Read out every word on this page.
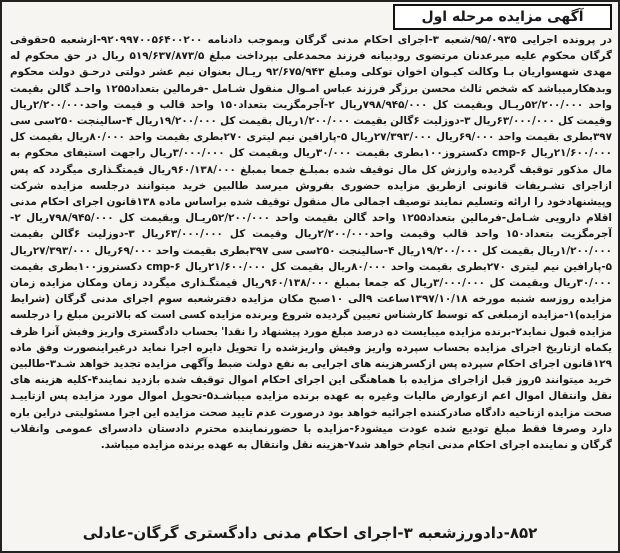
آگهی مزایده مرحله اول
در پرونده اجرایی ۹۵/۰۹۳۵/شعبه ۳-اجرای احکام مدنی گرگان وبموجب دادنامه ۹۲۰۹۹۷۰۰۵۶۴۰۰۲۰۰-ازشعبه ۵حقوقی گرگان محکوم علیه میرعدنان مرتضوی رودبیانه فرزند محمدعلی بپرداخت مبلغ ۵۱۹/۶۳۷/۸۷۳/۵ ریال در حق محکوم له مهدی شهسواریان بـا وکالت کیـوان اخوان توکلی ومبلغ ۹۲/۶۷۵/۹۴۳ ریـال بعنوان نیم عشر دولتی درحـق دولت محکوم وبدهکارمیباشد که شخص ثالث محسن برزگر فرزند عباس امـوال منقول شـامل -فرمالین بتعداد۱۲۵۵ واحـد گالن بقیمت واحد ۵۲/۲۰۰/۰۰۰ریـال وبقیمت کل ۷۹۸/۹۴۵/۰۰۰ریال ۲-آجرمگزیت بتعداد۱۵۰ واحد قالب و قیمت واحد۲/۲۰۰/۰۰۰ریال وقیمت کل ۶۳/۰۰۰/۰۰۰ریال ۳-دوزلیت ۶گالن بقیمت ۱/۲۰۰/۰۰۰ریال بقیمت کل ۱۹/۲۰۰/۰۰۰ریال ۴-سالینجت ۲۵۰سی سی ۳۹۷بطری بقیمت واحد ۶۹/۰۰۰ریال ۲۷/۳۹۳/۰۰۰ریال ۵-پارافین نیم لیتری ۲۷۰بطری بقیمت واحد ۸۰/۰۰۰ریال بقیمت کل ۲۱/۶۰۰/۰۰۰ریال ۶-cmp دکستروز۱۰۰بطری بقیمت ۳۰/۰۰۰ریال وبقیمت کل ۳/۰۰۰/۰۰۰ریال راجهت استیفای محکوم به مال مذکور توقیف گردیده وارزش کل مال توقیف شده بمبلـغ جمعا بمبلغ ۹۶۰/۱۳۸/۰۰۰ریال قیمتگـذاری میگردد که پس ازاجرای تشـریفات قانونی ازطریق مزایده حضوری بفروش میرسد طالبین خرید میتوانند درجلسه مزایده شرکت وپیشنهادخود را ارائه وتسلیم نمایند توصیف اجمالی مال منقول توقیف شده براساس ماده ۱۳۸قانون اجرای احکام مدنی اقلام دارویی شـامل-فرمالین بتعداد۱۲۵۵ واحد گالن بقیمت واحد ۵۲/۲۰۰/۰۰۰ریـال وبقیمت کل ۷۹۸/۹۴۵/۰۰۰ریال ۲-آجرمگزیت بتعداد۱۵۰ واحد قالب وقیمت واحد۲/۲۰۰/۰۰۰ریال وقیمت کل ۶۳/۰۰۰/۰۰۰ریال ۳-دوزلیت ۶گالن بقیمت ۱/۲۰۰/۰۰۰ریال بقیمت کل ۱۹/۲۰۰/۰۰۰ریال ۴-سالینجت ۲۵۰سی سی ۳۹۷بطری بقیمت واحد ۶۹/۰۰۰ریال ۲۷/۳۹۳/۰۰۰ریال ۵-پارافین نیم لیتری ۲۷۰بطری بقیمت واحد ۸۰/۰۰۰ریال بقیمت کل ۲۱/۶۰۰/۰۰۰ریال ۶-cmp دکستروز۱۰۰بطری بقیمت ۳۰/۰۰۰ریال وبقیمت کل ۳/۰۰۰/۰۰۰ریال که جمعا بمبلغ ۹۶۰/۱۳۸/۰۰۰ریال قیمتگـذاری میگردد زمان ومکان مزایده زمان مزایده روزسه شنبه مورخه ۱۳۹۷/۱۰/۱۸ساعت ۹الی ۱۰صبح مکان مزایده دفترشعبه سوم اجرای مدنی گرگان (شرایط مزایده)۱-مزایده ازمبلغی که توسط کارشناس تعیین گردیده شروع وبرنده مزایده کسی است که بالاترین مبلغ را درجلسه مزایده قبول نماید۲-برنده مزایده میبایست ده درصد مبلغ مورد پیشنهاد را نقدا' بحساب دادگستری واریز وفیش آنرا ظرف یکماه ازتاریخ اجرای مزایده بحساب سپرده واریز وفیش واریزشده را تحویل دایره اجرا نماید درغیراینصورت وفق ماده ۱۲۹قانون اجرای احکام سپرده پس ازکسرهزینه های اجرایی به نفع دولت ضبط وآگهی مزایده تجدید خواهد شـد۳-طالبین خرید میتوانند ۵روز قبل ازاجرای مزایده با هماهنگی این اجرای احکام اموال توقیف شده بازدید نمایند۴-کلیه هزینه های نقل وانتقال اموال اعم ازعوارض مالیات وغیره به عهده برنده مزایده میباشـد۵-تحویل اموال مورد مزایده پس ازتاییـد صحت مزایده ازناحیه دادگاه صادرکننده اجرائیه خواهد بود درصورت عدم تایید صحت مزایده این اجرا مسئولیتی دراین باره دارد وصرفا فقط مبلغ تودیع شده عودت میشود۶-مزایده با حضورنماینده محترم دادستان دادسرای عمومی وانقلاب گرگان و نماینده اجرای احکام مدنی انجام خواهد شد۷-هزینه نقل وانتقال به عهده برنده مزایده میباشد.
۸۵۲-دادورزشعبه ۳-اجرای احکام مدنی دادگستری گرگان-عادلی
